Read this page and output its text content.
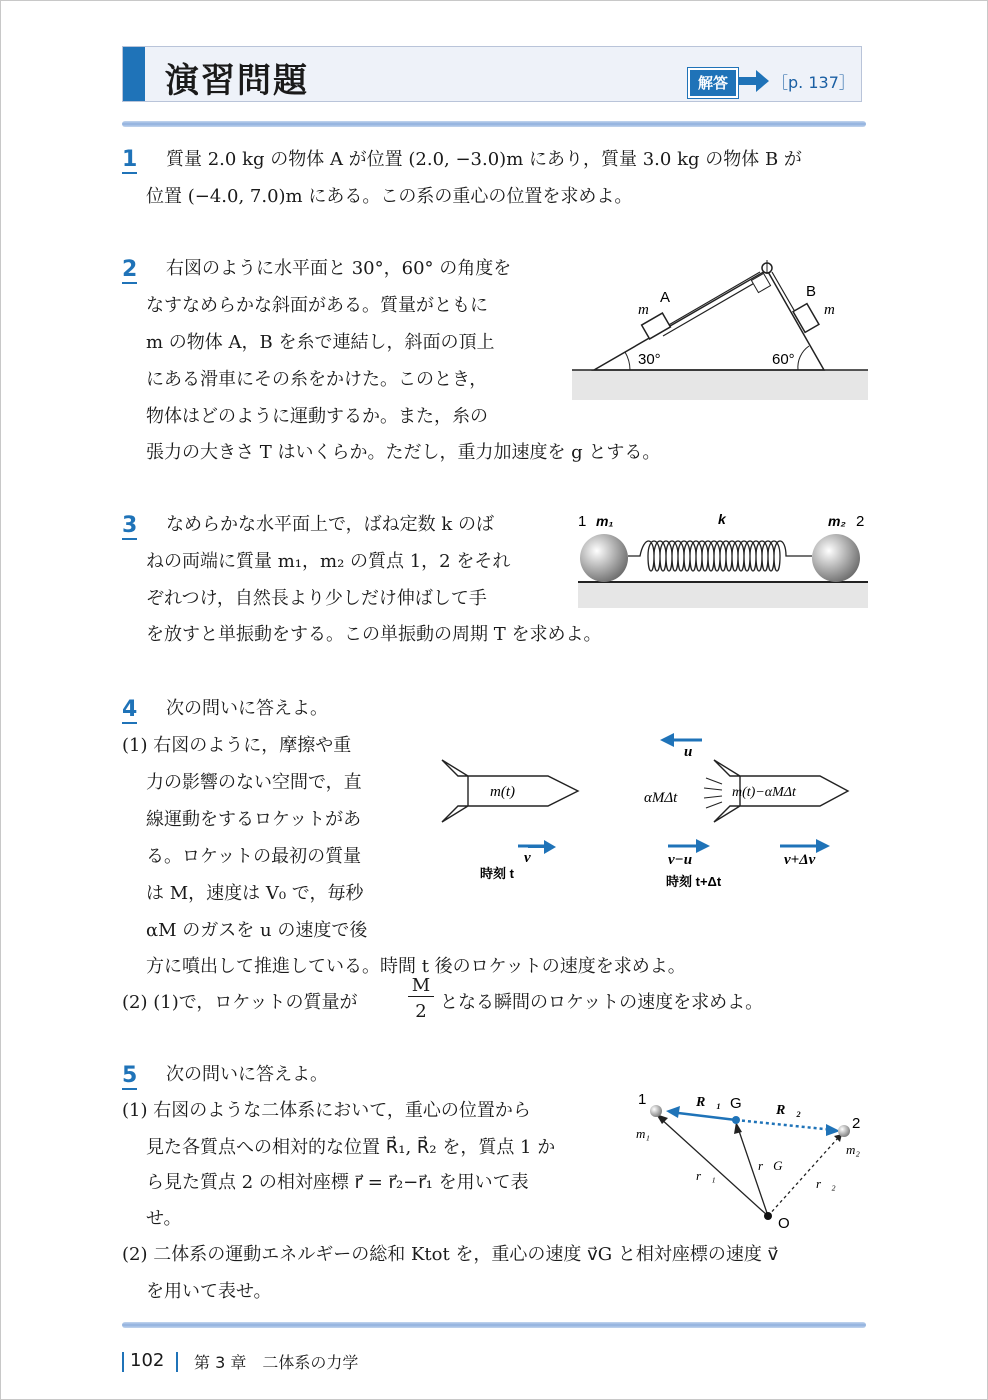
演習問題	解答	［p. 137］
1 質量 2.0 kg の物体 A が位置 (2.0, −3.0)m にあり，質量 3.0 kg の物体 B が
位置 (−4.0, 7.0)m にある。この系の重心の位置を求めよ。
2 右図のように水平面と 30°，60° の角度を
なすなめらかな斜面がある。質量がともに
m の物体 A，B を糸で連結し，斜面の頂上
にある滑車にその糸をかけた。このとき，
物体はどのように運動するか。また，糸の
張力の大きさ T はいくらか。ただし，重力加速度を g とする。
A
m
B
m
30°	60°
3 なめらかな水平面上で，ばね定数 k のば
ねの両端に質量 m₁，m₂ の質点 1，2 をそれ
ぞれつけ，自然長より少しだけ伸ばして手
を放すと単振動をする。この単振動の周期 T を求めよ。
1 m₁	k	m₂ 2
4 次の問いに答えよ。
(1) 右図のように，摩擦や重
力の影響のない空間で，直
線運動をするロケットがあ
る。ロケットの最初の質量
は M，速度は V₀ で，毎秒
αM のガスを u の速度で後
方に噴出して推進している。時間 t 後のロケットの速度を求めよ。
(2) (1)で，ロケットの質量が
M
2 となる瞬間のロケットの速度を求めよ。
m(t)
v
時刻 t
u
αMΔt	m(t)−αMΔt
v−u	v+Δv
時刻 t+Δt
5 次の問いに答えよ。
(1) 右図のような二体系において，重心の位置から
見た各質点への相対的な位置 R⃗₁, R⃗₂ を，質点 1 か
ら見た質点 2 の相対座標 r⃗ = r⃗₂−r⃗₁ を用いて表
せ。
(2) 二体系の運動エネルギーの総和 Ktot を，重心の速度 v⃗G と相対座標の速度 v⃗
を用いて表せ。
1
m₁
R⃗₁ G R⃗₂
2
m₂
r⃗₁
r⃗G
r⃗₂
O
102 第 3 章　二体系の力学
